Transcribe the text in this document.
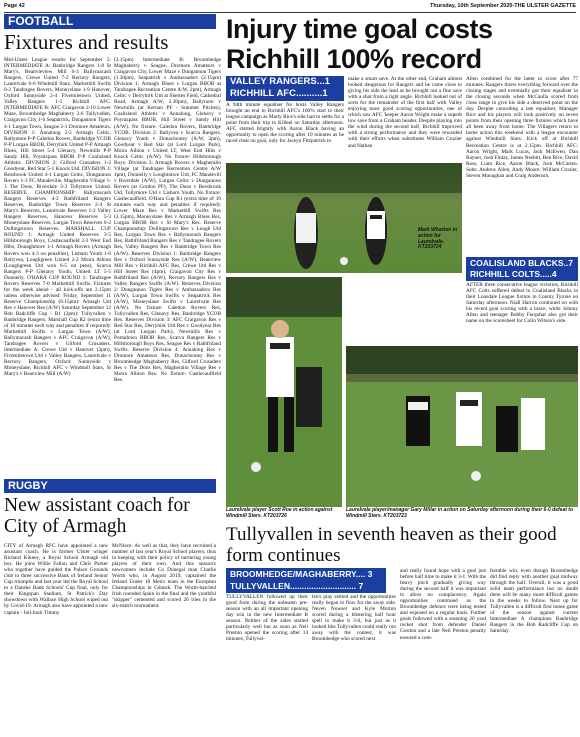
Page 42	Thursday, 10th September 2020-THE ULSTER GAZETTE
FOOTBALL
Fixtures and results
Mid-Ulster League results for September 5: INTERMEDIATE A: Banbridge Rangers 1-0 St Mary's, Beanvieview Mill 0-3 Ballymacash Rangers, Crewe United 7-2 Rectory Rangers, Laurelvale 0-6 Windmill Stars, Markethill Swifts 0-2 Tandragee Rovers, Moneyslane 1-9 Hanover, Oxford Sunnyside 2-4 Fivemiletown United, Valley Rangers 1-1 Richhill AFC. INTERMEDIATE B: AFC Craigavon 2-10 Lower Maze, Broomhedge Maghaberry 2-6 Tullyvallen, Craigavon City 1-0 Seapatrick, Dungannon Tigers 4-1 Lurgan Town, Seagoe 2-1 Dromore Amateurs. DIVISION 1: Annalong 2-2 Armagh Celtic, Ballymore P-P Caledon Rovers, Banbridge YCOB P-P Lurgan BBOB, Derryhirk United P-P Armagh Blues, Hill Street 5-4 Glenavy, Newmills P-P Sandy Hill, Poyntzpass BBOB P-P Coalisland Athletic. DIVISION 2: Gilford Crusaders 1-2 Goodyear, Red Star 5-1 Knock Utd. DIVISION 3: Bessbrook United 4-1 Lurgan Celtic, Dungannon Rovers 1-3 FC Mandeville, Magheralin Village 1-3 The Dons, Riverdale 3-3 Tollymore United. RESERVE CHAMPIONSHIP: Ballymacash Rangers Reserves 4-3 Rathfriland Rangers Reserves, Banbridge Town Reserves 2-4 St Mary's Reserves, Laurelvale Reserves 1-2 Valley Rangers Reserves, Hanover Reserves 5-3 Moneyslane Reserves, Lurgan Town Reserves 0-2 Dollingstown Reserves. MARSHALL CUP ROUND 1: Armagh United Reserves 3-5 Hillsborough Boys, Castlecaulfield 2-3 West End Hibs, Donaghmore 1-1 Armagh Rovers (Armagh Rovers won 4-3 on penalties), Lisburn Youth 1-6 Ballyvea, Loughgreen United 2-2 Moira Albion (Loughgreen Utd won 6-5 on pens), Scarva Rangers P-P Glenavy Youth, United LT 5-5 Donnelly. O'HARA CUP ROUND 1: Tandragee Rovers Reserves 7-0 Markethill Swifts. Fixtures for the week ahead - all kick-offs are 2.15pm unless otherwise advised: Friday, September 11 Reserve Championship (8.15pm): Armagh Utd Res v Hanover Res (A/W) Saturday September 12 Bob Radcliffe Cup - R1 (2pm): Tullyvallen v Banbridge Rangers. Marshall Cup R2 (extra time of 10 minutes each way and penalties if required): Markethill Swifts v Lurgan Town (A/W), Ballymacash Rangers v AFC Craigavon (A/W), Tandragee Rovers v Gilford Crusaders. Intermediate A: Crewe Utd v Hanover (2pm), Fivemiletown Utd v Valley Rangers, Laurelvale v Rectory Rangers, Oxford Sunnyside v Moneyslane, Richhill AFC v Windmill Stars, St Mary's v Beanview Mill (A/W)
(3.15pm) Intermediate B: Broomhedge Maghaberry v Seagoe, Dromore Amateurs v Craigavon City, Lower Maze v Dungannon Tigers (1.30pm), Seapatrick v Ambassadors (2.15pm) Division 1: Armagh Blues v Lurgan BBOB at Tandragee Recreation Centre A/W, 2pm), Armagh Celtic v Derryhirk Utd at Shertes Field, Cathedral Road, Armagh A/W, 2.30pm), Ballynore v Newmills (at Kernan PF - Summer Pitches), Coalisland Athletic v Annalong, Glenavy v Poyntzpass BBOB, Hill Street v Sandy Hill (A/W). No fixture: Caledon Rovers, Banbridge YCOB. Division 2: Ballyvea v Scarva Rangers, Glenavy Youth v Donaclooney (A/W, 2pm), Goodyear v Red Star (at Lord Lurgan Park), Moira Albion v United LT, West End Hibs v Knock Celtic (A/W). No fixture: Hillsborough Boys. Division 3: Armagh Rovers v Magheralin Village (at Tandragee Recreation Centre A/W 1pm), Donnelly v Loughinisce Utd, FC Mandevill v Riverdale (A/W), Lurgan Celtic v Dungannon Rovers (at Gordon PF), The Dons v Bessbrook Utd, Tollymore Utd v Lisburn Youth. No fixture: Castlecaulfield. O'Hara Cup R1 (extra time of 10 minutes each way and penalties if required): Lower Maze Res v Markethill Swifts Res (3.15pm), Moneyslane Res v Armagh Blues Res, Lurgan BBOB Res v St Mary's Res. Reserve Championship: Dollingstown Res v Lough Utd Res, Lurgan Town Res v Ballymacash Rangers Res, Rathfriland Rangers Res v Tandragee Rovers Res, Valley Rangers Res v Banbridge Town Res (A/W). Reserves Division 1: Banbridge Rangers Res v Oxford Sunnyside Res (A/W), Beanview Mill Res v Richhill AFC Res, Crewe Utd Res v Hill Street Res (4pm), Craigavon City Res v Rathfriland Res (A/W), Rectory Rangers Res v Valley Rangers Swifts (A/W). Reserves Division 2: Dungannon Tigers Res v Ambassadors Res (A/W), Lurgan Town Swifts v Seapatrick Res (A/W), Moneyslane Swifts v Laurelvale Res (A/W). No fixture: Caledon Rovers Res, Tullyvallen Res, Glenavy Res, Banbridge YCOB Res. Reserves Division 3: AFC Craigavon Res v Red Star Res, Derryhirk Utd Res v Goodyear Res (at Lord Lurgan Park), Newmills Res v Portadown BBOB Res, Scarva Rangers Res v Hillsborough Boys Res, Seagoe Res v Rathfriland Swifts. Reserve Division 4: Annalong Res v Dromore Amateurs Res, Donaclooney Res v Broomhedge Maghaberry Res, Gilford Crusaders Res v The Dons Res, Magheralin Village Res v Moira Albion Res. No fixture: Castlecaulfield Res.
Injury time goal costs Richhill 100% record
VALLEY RANGERS...1
RICHHILL AFC..........1
A 94th minute equaliser for hosts Valley Rangers brought an end to Richhill AFC's 100% start to their league campaign as Marty Rice's side had to settle for a point from their trip to Killeel on Saturday afternoon. AFC started brightly with Aaron Black having an opportunity to open the scoring after 10 minutes as he raced clear on goal, only for Jaceyn Fitzpatrick to
make a smart save. At the other end, Graham almost looked dangerous for Rangers and he came close to giving his side the lead as he brought out a fine save with a shot from a tight angle. Richhill looked out of sorts for the remainder of the first half with Valley enjoying most good scoring opportunities, one of which saw AFC 'keeper Aaron Wright make a superb low save from a Graham header. Despite playing into the wind during the second half, Richhill improved with a strong performance and they were rewarded with their efforts when substitutes William Crozier and Nathan
Allen combined for the latter to score after 77 minutes. Rangers threw everything forward over the closing stages and eventually got their equaliser in the closing seconds when McCaulla scored from close range to give his side a deserved point on the day. Despite conceding a late equaliser, Manager Rice and his players will look positively on seven points from their opening three fixtures which have all been away from home. The Villagers return to home action this weekend with a league encounter against Windmill Stars. Kick off at Richhill Recreation Centre is at 2.15pm. Richhill AFC: Aaron Wright, Mark Lucas, Jack McEwen, Dan Rayner, Josh Finlay, James Nesbitt, Ben Rice, David Ross, Liam Rice, Aaron Black, Josh McCarten. Subs: Andrew Allen, Andy Moore, William Crozier, Steven Monaghan and Craig Anderson.
COALISLAND BLACKS..7
RICHHILL COLTS.....4
AFTER three consecutive league victories, Richhill AFC Colts suffered defeat to Coalisland Blacks in their Lonsdale League fixture in County Tyrone on Saturday afternoon. Niall Harron continued on with his recent goal scoring with a brace, while Johnny Allen and teenager Bobby Farquhar also got their name on the scoresheet for Colin Wilson's side.
Mark Wharton in action for Laurelvale. KT203724
Laurelvale player Scott Roe in action against Windmill Stars. KT203726
Laurelvale player/manager Gary Millar in action on Saturday afternoon during their 6-0 defeat to Windmill Stars. KT203723
RUGBY
New assistant coach for City of Armagh
CITY of Armagh RFC have appointed a new assistant coach. He is former Ulster winger Richard Kinney, a Royal School Armagh old boy. He joins Willie Fallon and Chris Parker who together have guided the Palace Grounds club to three successive Bank of Ireland Senior Cup triumphs and last year led the Royal School to a Danske Bank Schools' Cup final, only for their Kingspan Stadium, St Patrick's Day showdown with Wallace High School wiped out by Covid-19. Armagh also have appointed a new captain - full-back Timmy
McNiece. As well as that, they have recruited a number of last year's Royal School players, thus in keeping with their policy of nurturing young players of their own. And this season's newcomers include Co Donegal man Charlie Worth who, in August 2019, captained the Ireland Under 18 Men's team in the European Championships in Gdansk. The Worth-hatched Irish rounded Spain in the final and the youthful "skipper" cemented and scored 26 tries in the six-match tournament.
Tullyvallen in seventh heaven as their good form continues
BROOMHEDGE/MAGHABERRY.... 3
TULLYVALLEN............................ 7
TULLYVALLEN followed up their good form during the unbeaten pre-season with an all important opening day win in the new Intermediate B season. Neither of the sides started particularly well but as soon as Neil Preston opened the scoring after 14 minutes, Tullyval-
len's play settled and the opportunities really began to flow for the away side. Neven Nowsel and Kyle Morton scored during a blistering half hour spell to make it 3-0, but just as it looked like Tullyvallen could really run away with the contest, it was Broomhedge who scored next
and really found hope with a goal just before half time to make it 3-1. With the heavy pitch gradually giving way during the second half it was important to allow no complacency. Again opportunities continued as the Broomhedge defence were being tested and exposed on a regular basis. Further goals followed with a stunning 20 yard rocket shot from defender Daniel Gordon and a late Neil Preston penalty ensured a com-
fortable win, even though Broomhedge did find reply with another goal midway through the half. Overall, it was a good solid team performance but no doubt there will be many more difficult games in the weeks to follow. Next up for Tullyvallen is a difficult first home game of the season against current Intermediate A champions Banbridge Rangers in the Bob Radcliffe Cup on Saturday.
